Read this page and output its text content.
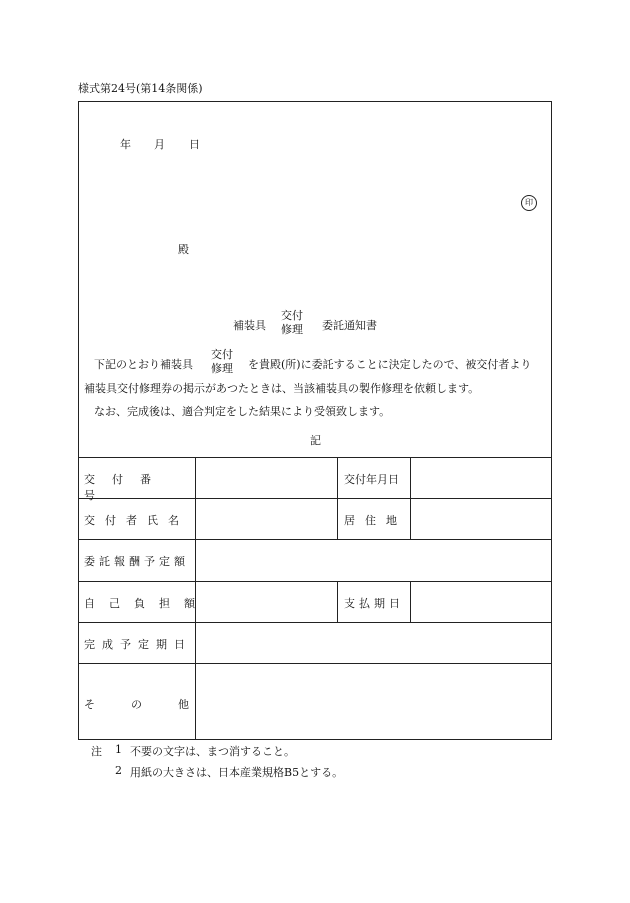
様式第24号(第14条関係)
年 月 日
印
殿
補装具
交付
修理 委託通知書
下記のとおり補装具
交付
修理 を貴殿(所)に委託することに決定したので、被交付者より
補装具交付修理券の掲示があつたときは、当該補装具の製作修理を依頼します。
なお、完成後は、適合判定をした結果により受領致します。
記
交付番号
交付年月日
交付者氏名	居住地
委託報酬予定額
自己負担額	支払期日
完成予定期日
その他
注 1 不要の文字は、まつ消すること。
2 用紙の大きさは、日本産業規格B5とする。
